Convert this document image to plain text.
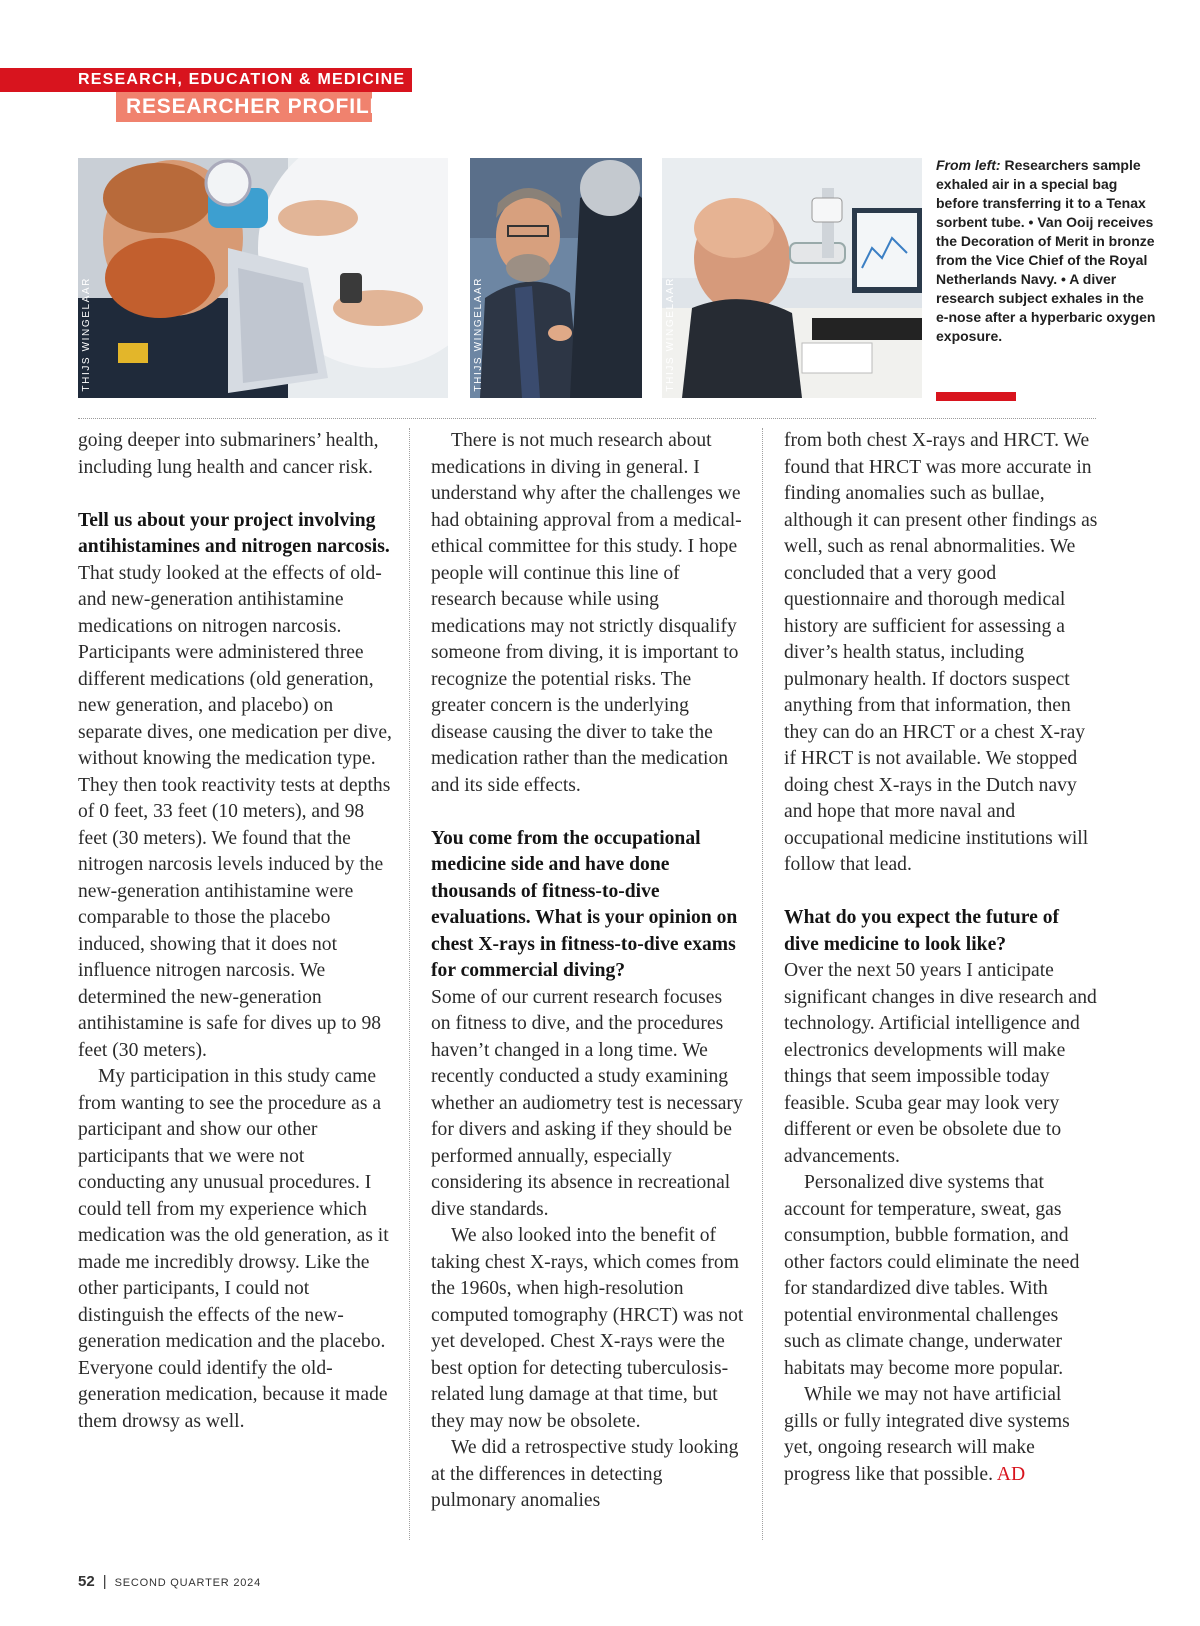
RESEARCH, EDUCATION & MEDICINE
RESEARCHER PROFILE
THIJS WINGELAAR	THIJS WINGELAAR	THIJS WINGELAAR
From left: Researchers sample exhaled air in a special bag before transferring it to a Tenax sorbent tube. • Van Ooij receives the Decoration of Merit in bronze from the Vice Chief of the Royal Netherlands Navy. • A diver research subject exhales in the e-nose after a hyperbaric oxygen exposure.

going deeper into submariners’ health, including lung health and cancer risk.

Tell us about your project involving antihistamines and nitrogen narcosis.

That study looked at the effects of old- and new-generation antihistamine medications on nitrogen narcosis. Participants were administered three different medications (old generation, new generation, and placebo) on separate dives, one medication per dive, without knowing the medication type. They then took reactivity tests at depths of 0 feet, 33 feet (10 meters), and 98 feet (30 meters). We found that the nitrogen narcosis levels induced by the new-generation antihistamine were comparable to those the placebo induced, showing that it does not influence nitrogen narcosis. We determined the new-generation antihistamine is safe for dives up to 98 feet (30 meters).

My participation in this study came from wanting to see the procedure as a participant and show our other participants that we were not conducting any unusual procedures. I could tell from my experience which medication was the old generation, as it made me incredibly drowsy. Like the other participants, I could not distinguish the effects of the new-generation medication and the placebo. Everyone could identify the old-generation medication, because it made them drowsy as well.

There is not much research about medications in diving in general. I understand why after the challenges we had obtaining approval from a medical-ethical committee for this study. I hope people will continue this line of research because while using medications may not strictly disqualify someone from diving, it is important to recognize the potential risks. The greater concern is the underlying disease causing the diver to take the medication rather than the medication and its side effects.

You come from the occupational medicine side and have done thousands of fitness-to-dive evaluations. What is your opinion on chest X-rays in fitness-to-dive exams for commercial diving?

Some of our current research focuses on fitness to dive, and the procedures haven’t changed in a long time. We recently conducted a study examining whether an audiometry test is necessary for divers and asking if they should be performed annually, especially considering its absence in recreational dive standards.

We also looked into the benefit of taking chest X-rays, which comes from the 1960s, when high-resolution computed tomography (HRCT) was not yet developed. Chest X-rays were the best option for detecting tuberculosis-related lung damage at that time, but they may now be obsolete.

We did a retrospective study looking at the differences in detecting pulmonary anomalies

from both chest X-rays and HRCT. We found that HRCT was more accurate in finding anomalies such as bullae, although it can present other findings as well, such as renal abnormalities. We concluded that a very good questionnaire and thorough medical history are sufficient for assessing a diver’s health status, including pulmonary health. If doctors suspect anything from that information, then they can do an HRCT or a chest X-ray if HRCT is not available. We stopped doing chest X-rays in the Dutch navy and hope that more naval and occupational medicine institutions will follow that lead.

What do you expect the future of dive medicine to look like?

Over the next 50 years I anticipate significant changes in dive research and technology. Artificial intelligence and electronics developments will make things that seem impossible today feasible. Scuba gear may look very different or even be obsolete due to advancements.

Personalized dive systems that account for temperature, sweat, gas consumption, bubble formation, and other factors could eliminate the need for standardized dive tables. With potential environmental challenges such as climate change, underwater habitats may become more popular.

While we may not have artificial gills or fully integrated dive systems yet, ongoing research will make progress like that possible. AD

52 | SECOND QUARTER 2024
